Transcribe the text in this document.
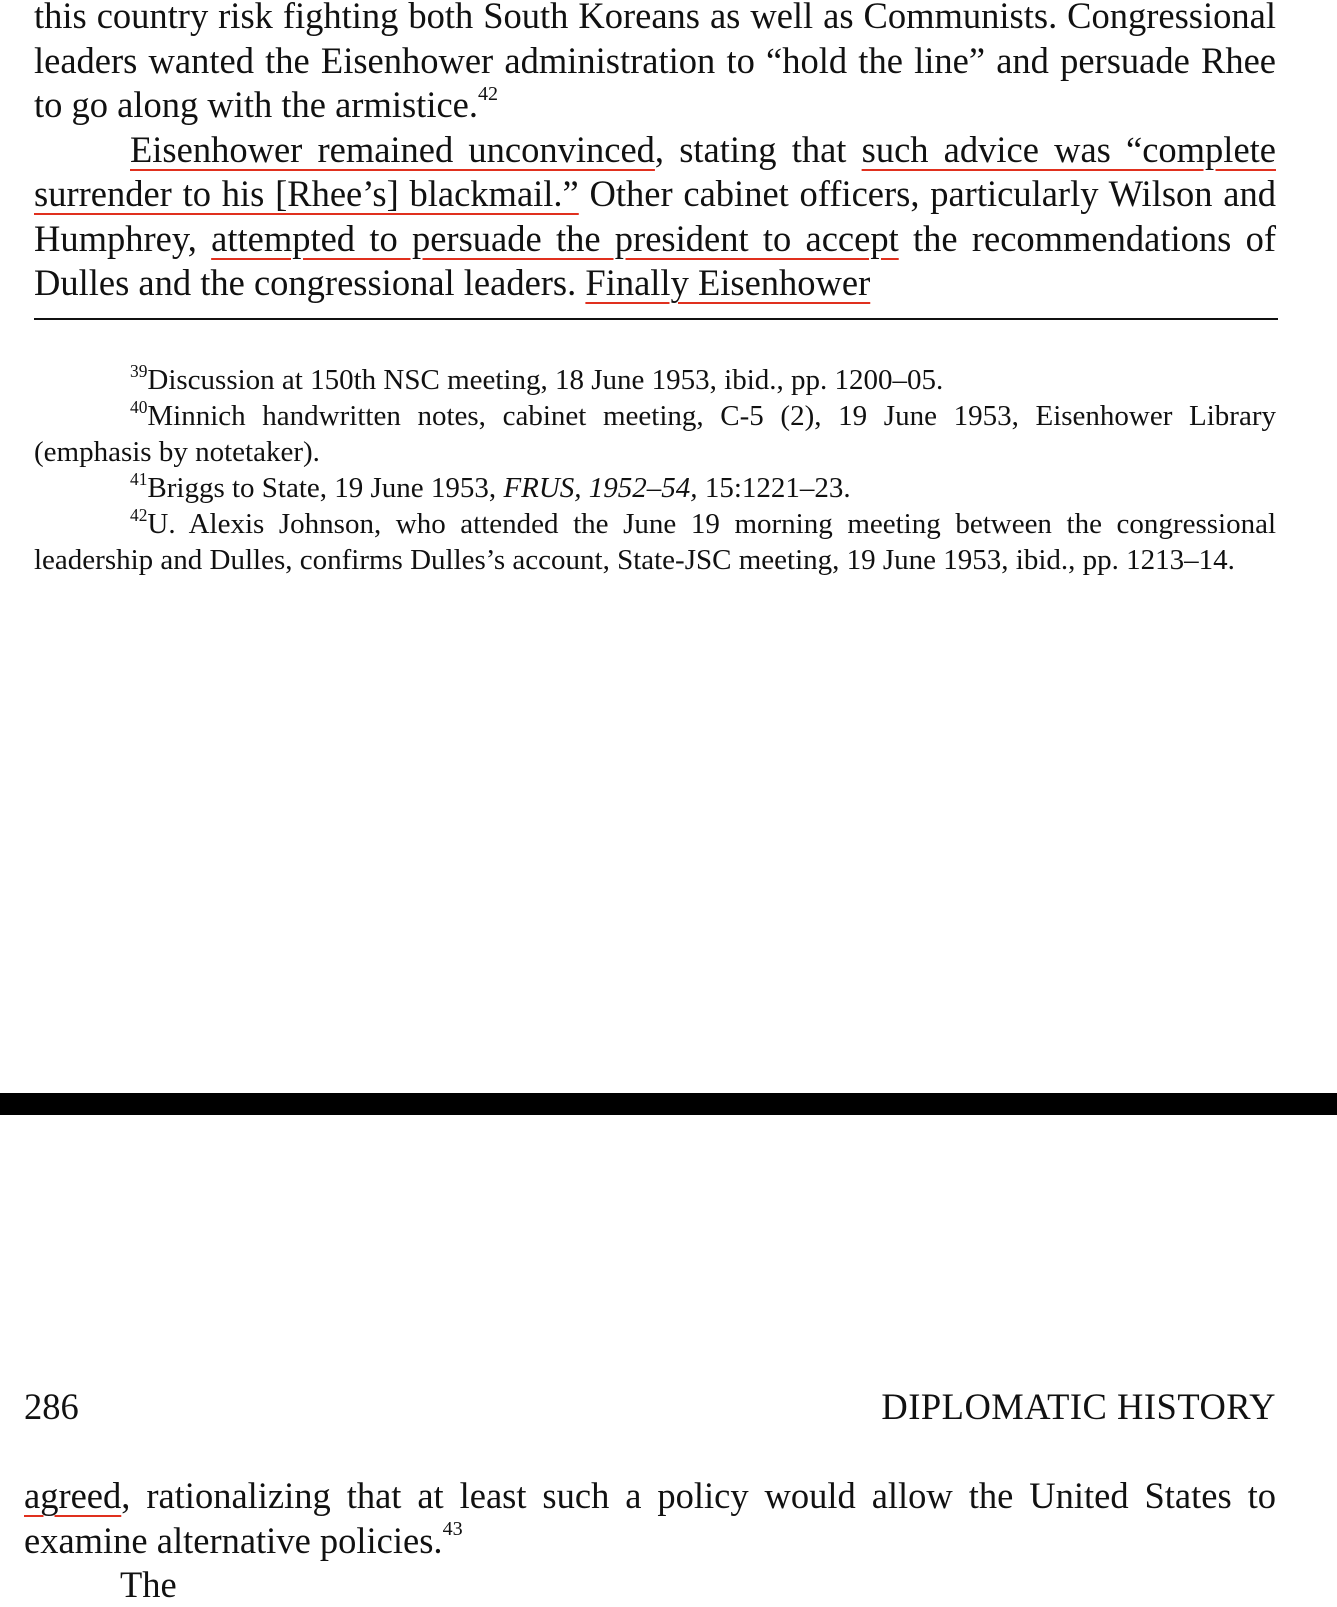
this country risk fighting both South Koreans as well as Communists. Congressional leaders wanted the Eisenhower administration to “hold the line” and persuade Rhee to go along with the armistice.$^{42}$

Eisenhower remained unconvinced, stating that such advice was “complete surrender to his [Rhee’s] blackmail.” Other cabinet officers, particularly Wilson and Humphrey, attempted to persuade the president to accept the recommendations of Dulles and the congressional leaders. Finally Eisenhower

$^{39}$Discussion at 150th NSC meeting, 18 June 1953, ibid., pp. 1200–05.

$^{40}$Minnich handwritten notes, cabinet meeting, C-5 (2), 19 June 1953, Eisenhower Library (emphasis by notetaker).

$^{41}$Briggs to State, 19 June 1953, FRUS, 1952–54, 15:1221–23.

$^{42}$U. Alexis Johnson, who attended the June 19 morning meeting between the congressional leadership and Dulles, confirms Dulles’s account, State-JSC meeting, 19 June 1953, ibid., pp. 1213–14.

286	DIPLOMATIC HISTORY

agreed, rationalizing that at least such a policy would allow the United States to examine alternative policies.$^{43}$

The
